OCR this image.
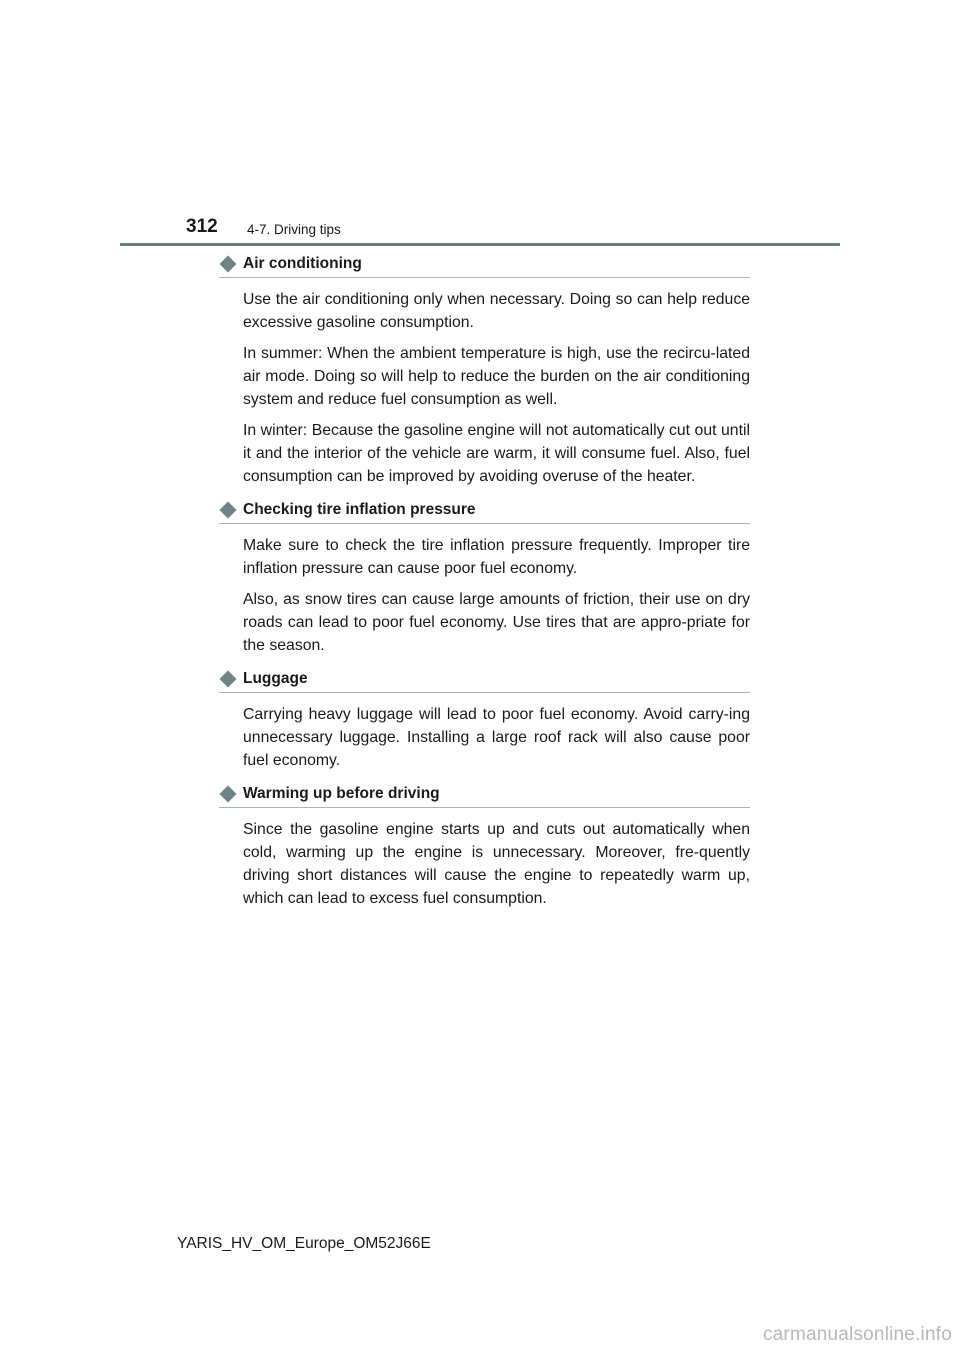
312 4-7. Driving tips
Air conditioning

Use the air conditioning only when necessary. Doing so can help reduce excessive gasoline consumption.

In summer: When the ambient temperature is high, use the recircu-lated air mode. Doing so will help to reduce the burden on the air conditioning system and reduce fuel consumption as well.

In winter: Because the gasoline engine will not automatically cut out until it and the interior of the vehicle are warm, it will consume fuel. Also, fuel consumption can be improved by avoiding overuse of the heater.

Checking tire inflation pressure

Make sure to check the tire inflation pressure frequently. Improper tire inflation pressure can cause poor fuel economy.

Also, as snow tires can cause large amounts of friction, their use on dry roads can lead to poor fuel economy. Use tires that are appro-priate for the season.

Luggage

Carrying heavy luggage will lead to poor fuel economy. Avoid carry-ing unnecessary luggage. Installing a large roof rack will also cause poor fuel economy.

Warming up before driving

Since the gasoline engine starts up and cuts out automatically when cold, warming up the engine is unnecessary. Moreover, fre-quently driving short distances will cause the engine to repeatedly warm up, which can lead to excess fuel consumption.

YARIS_HV_OM_Europe_OM52J66E
carmanualsonline.info
